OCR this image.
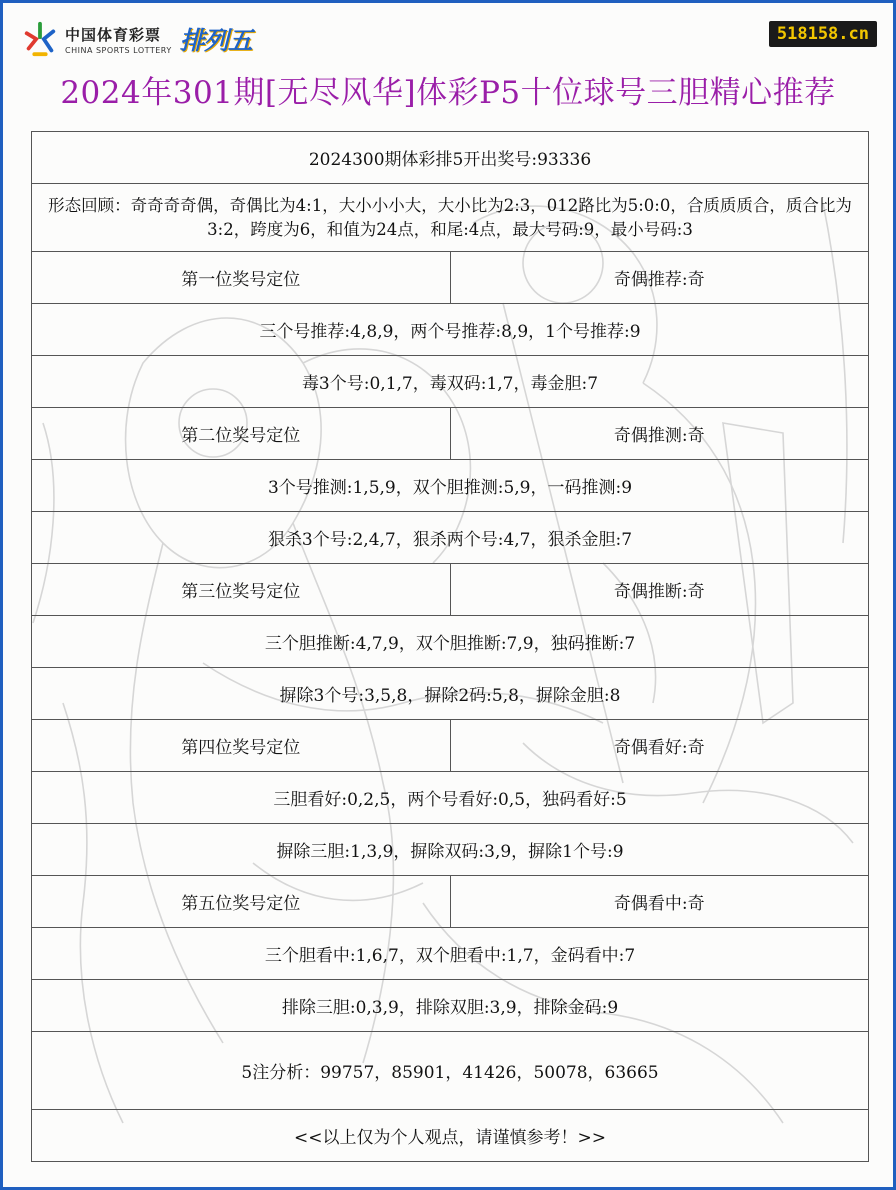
中国体育彩票
CHINA SPORTS LOTTERY 排列五	518158.cn
2024年301期[无尽风华]体彩P5十位球号三胆精心推荐
2024300期体彩排5开出奖号:93336	
形态回顾：奇奇奇奇偶，奇偶比为4:1，大小小小大，大小比为2:3，012路比为5:0:0，合质质质合，质合比为3:2，跨度为6，和值为24点，和尾:4点，最大号码:9，最小号码:3	
第一位奖号定位	奇偶推荐:奇
三个号推荐:4,8,9，两个号推荐:8,9，1个号推荐:9	
毒3个号:0,1,7，毒双码:1,7，毒金胆:7	
第二位奖号定位	奇偶推测:奇
3个号推测:1,5,9，双个胆推测:5,9，一码推测:9	
狠杀3个号:2,4,7，狠杀两个号:4,7，狠杀金胆:7	
第三位奖号定位	奇偶推断:奇
三个胆推断:4,7,9，双个胆推断:7,9，独码推断:7	
摒除3个号:3,5,8，摒除2码:5,8，摒除金胆:8	
第四位奖号定位	奇偶看好:奇
三胆看好:0,2,5，两个号看好:0,5，独码看好:5	
摒除三胆:1,3,9，摒除双码:3,9，摒除1个号:9	
第五位奖号定位	奇偶看中:奇
三个胆看中:1,6,7，双个胆看中:1,7，金码看中:7	
排除三胆:0,3,9，排除双胆:3,9，排除金码:9	
5注分析：99757，85901，41426，50078，63665	
<<以上仅为个人观点，请谨慎参考！>>	
